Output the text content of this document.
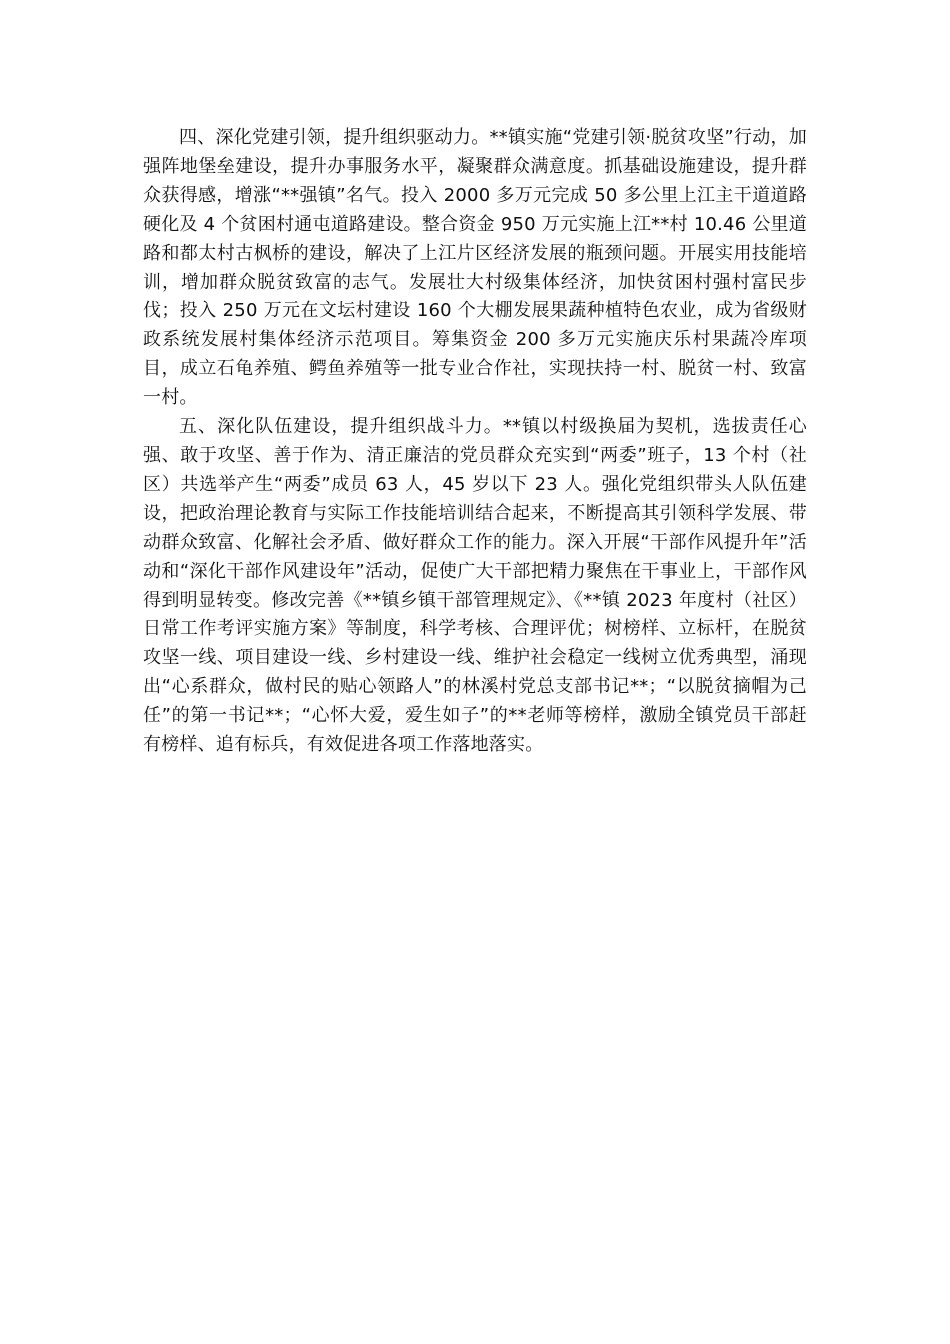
四、深化党建引领，提升组织驱动力。**镇实施“党建引领·脱贫攻坚”行动，加强阵地堡垒建设，提升办事服务水平，凝聚群众满意度。抓基础设施建设，提升群众获得感，增涨“**强镇”名气。投入 2000 多万元完成 50 多公里上江主干道道路硬化及 4 个贫困村通屯道路建设。整合资金 950 万元实施上江**村 10.46 公里道路和都太村古枫桥的建设，解决了上江片区经济发展的瓶颈问题。开展实用技能培训，增加群众脱贫致富的志气。发展壮大村级集体经济，加快贫困村强村富民步伐；投入 250 万元在文坛村建设 160 个大棚发展果蔬种植特色农业，成为省级财政系统发展村集体经济示范项目。筹集资金 200 多万元实施庆乐村果蔬冷库项目，成立石龟养殖、鳄鱼养殖等一批专业合作社，实现扶持一村、脱贫一村、致富一村。

五、深化队伍建设，提升组织战斗力。**镇以村级换届为契机，选拔责任心强、敢于攻坚、善于作为、清正廉洁的党员群众充实到“两委”班子，13 个村（社区）共选举产生“两委”成员 63 人，45 岁以下 23 人。强化党组织带头人队伍建设，把政治理论教育与实际工作技能培训结合起来，不断提高其引领科学发展、带动群众致富、化解社会矛盾、做好群众工作的能力。深入开展“干部作风提升年”活动和“深化干部作风建设年”活动，促使广大干部把精力聚焦在干事业上，干部作风得到明显转变。修改完善《**镇乡镇干部管理规定》、《**镇 2023 年度村（社区）日常工作考评实施方案》等制度，科学考核、合理评优；树榜样、立标杆，在脱贫攻坚一线、项目建设一线、乡村建设一线、维护社会稳定一线树立优秀典型，涌现出“心系群众，做村民的贴心领路人”的林溪村党总支部书记**；“以脱贫摘帽为己任”的第一书记**；“心怀大爱，爱生如子”的**老师等榜样，激励全镇党员干部赶有榜样、追有标兵，有效促进各项工作落地落实。
